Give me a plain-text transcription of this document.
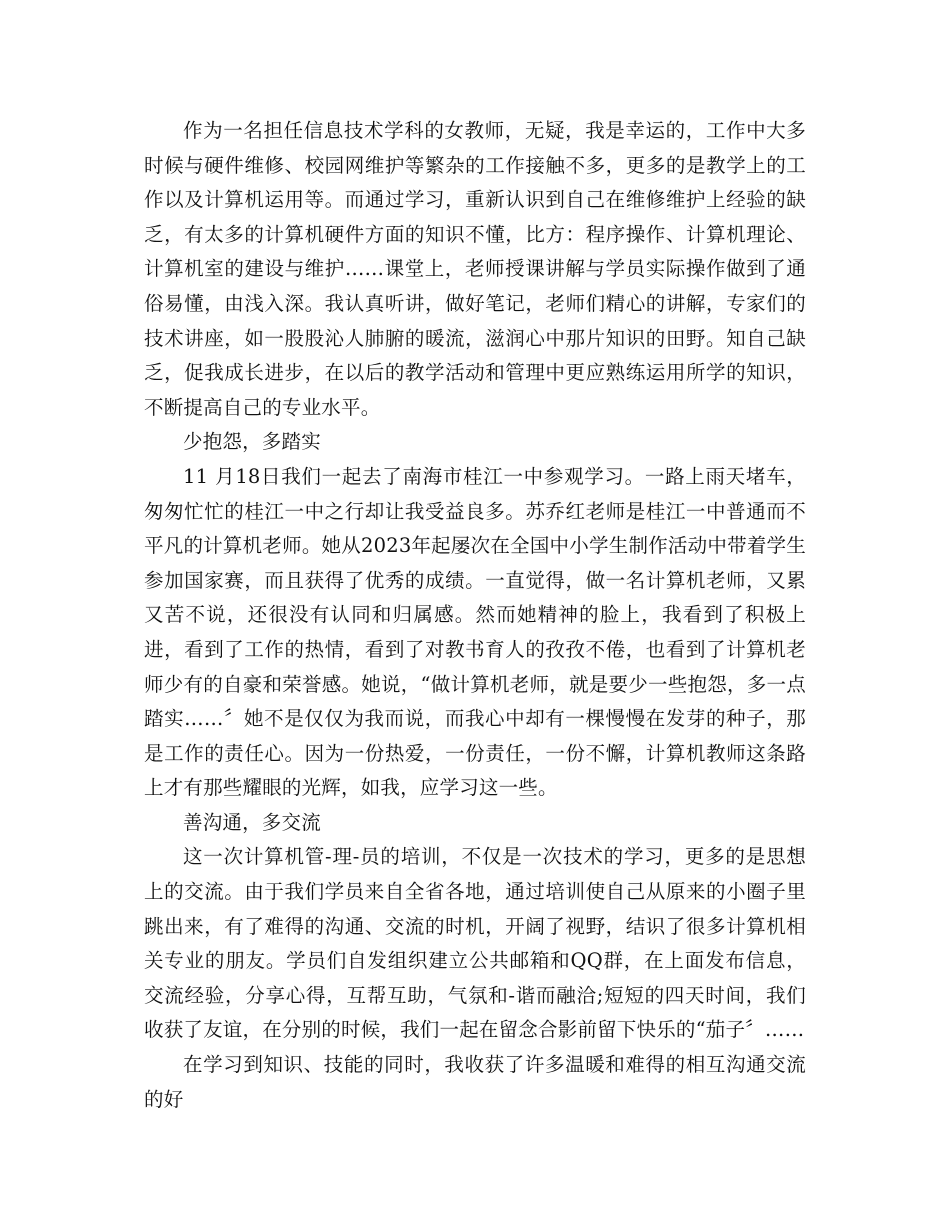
作为一名担任信息技术学科的女教师，无疑，我是幸运的，工作中大多时候与硬件维修、校园网维护等繁杂的工作接触不多，更多的是教学上的工作以及计算机运用等。而通过学习，重新认识到自己在维修维护上经验的缺乏，有太多的计算机硬件方面的知识不懂，比方：程序操作、计算机理论、计算机室的建设与维护……课堂上，老师授课讲解与学员实际操作做到了通俗易懂，由浅入深。我认真听讲，做好笔记，老师们精心的讲解，专家们的技术讲座，如一股股沁人肺腑的暖流，滋润心中那片知识的田野。知自己缺乏，促我成长进步，在以后的教学活动和管理中更应熟练运用所学的知识，不断提高自己的专业水平。

少抱怨，多踏实

11 月18日我们一起去了南海市桂江一中参观学习。一路上雨天堵车，匆匆忙忙的桂江一中之行却让我受益良多。苏乔红老师是桂江一中普通而不平凡的计算机老师。她从2023年起屡次在全国中小学生制作活动中带着学生参加国家赛，而且获得了优秀的成绩。一直觉得，做一名计算机老师，又累又苦不说，还很没有认同和归属感。然而她精神的脸上，我看到了积极上进，看到了工作的热情，看到了对教书育人的孜孜不倦，也看到了计算机老师少有的自豪和荣誉感。她说，“做计算机老师，就是要少一些抱怨，多一点踏实……〞她不是仅仅为我而说，而我心中却有一棵慢慢在发芽的种子，那是工作的责任心。因为一份热爱，一份责任，一份不懈，计算机教师这条路上才有那些耀眼的光辉，如我，应学习这一些。

善沟通，多交流

这一次计算机管-理-员的培训，不仅是一次技术的学习，更多的是思想上的交流。由于我们学员来自全省各地，通过培训使自己从原来的小圈子里跳出来，有了难得的沟通、交流的时机，开阔了视野，结识了很多计算机相关专业的朋友。学员们自发组织建立公共邮箱和QQ群，在上面发布信息，交流经验，分享心得，互帮互助，气氛和-谐而融洽;短短的四天时间，我们收获了友谊，在分别的时候，我们一起在留念合影前留下快乐的“茄子〞……

在学习到知识、技能的同时，我收获了许多温暖和难得的相互沟通交流的好
